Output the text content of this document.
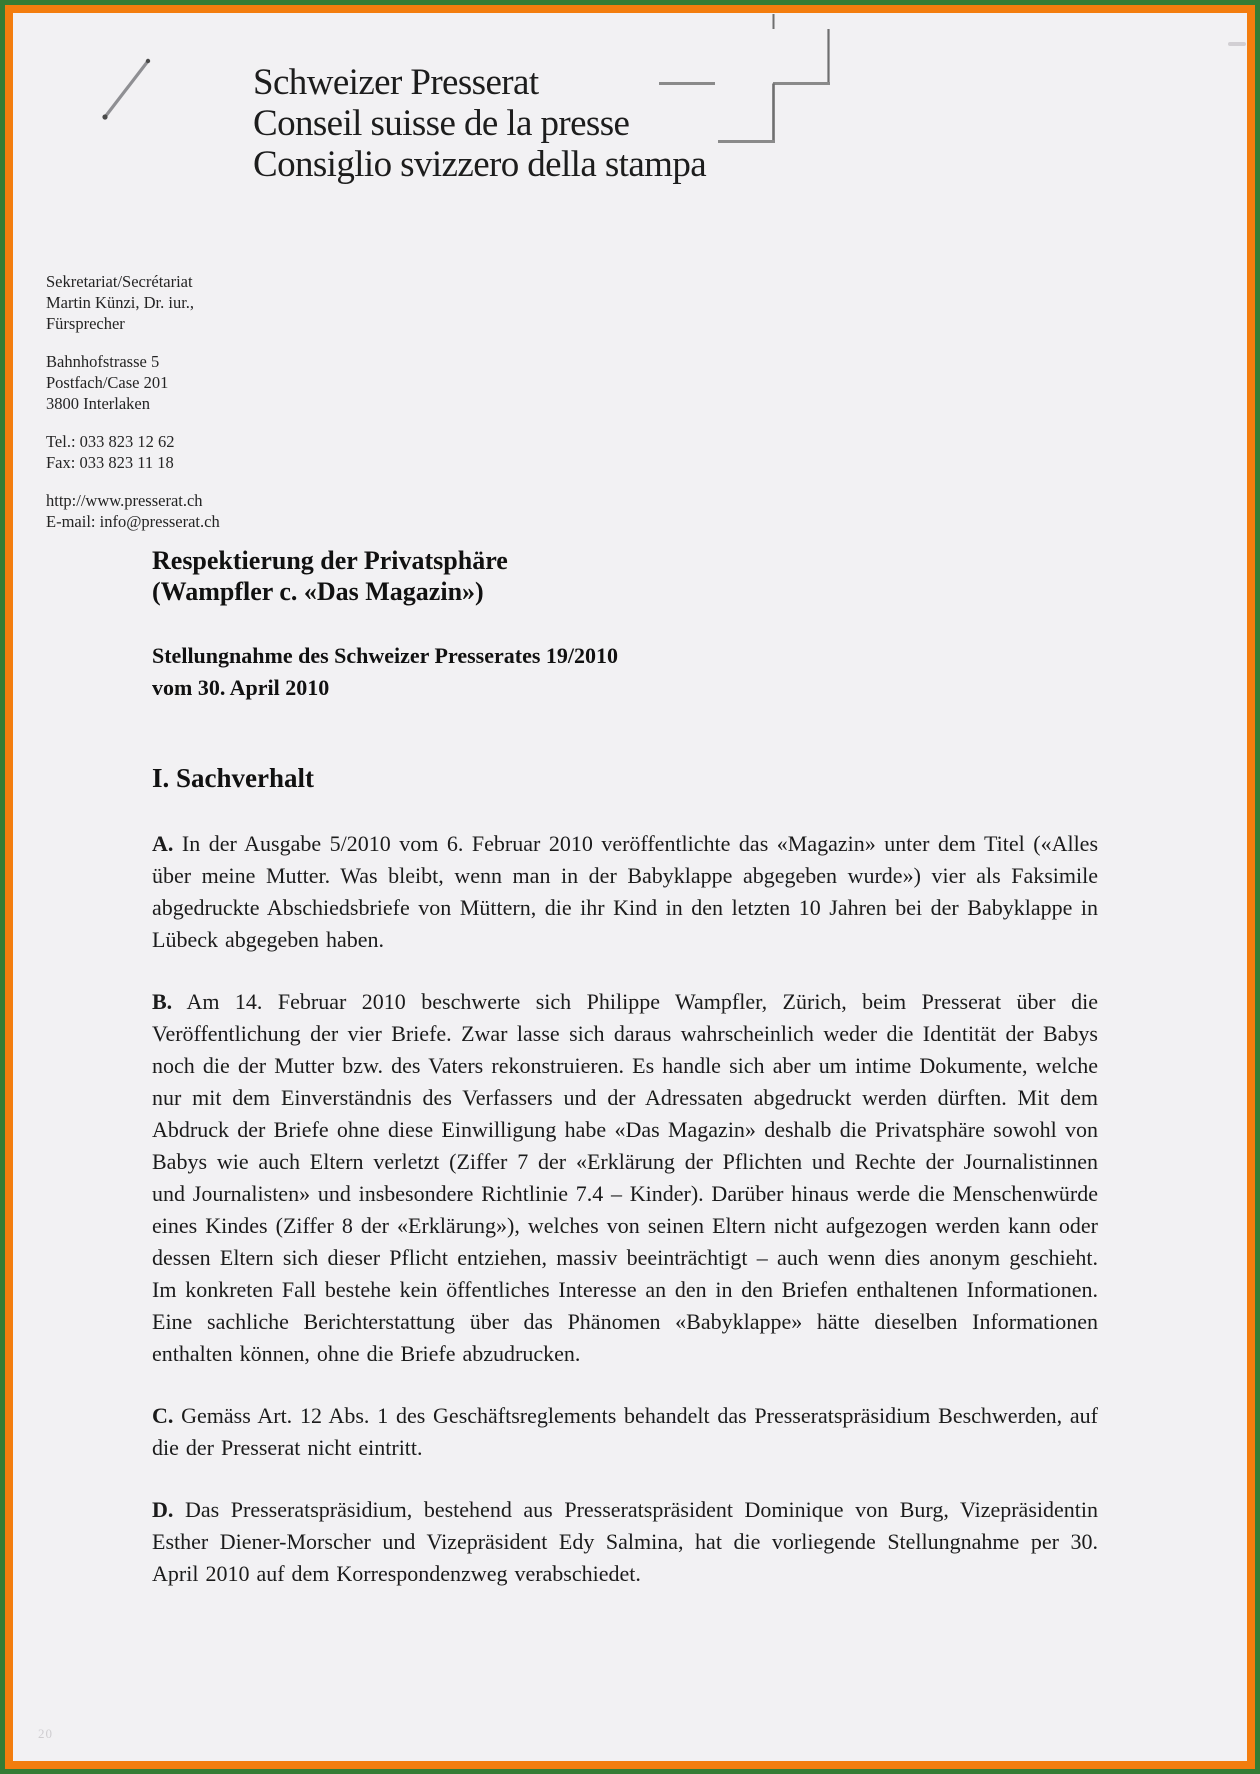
Schweizer Presserat
Conseil suisse de la presse
Consiglio svizzero della stampa
Sekretariat/Secrétariat
Martin Künzi, Dr. iur.,
Fürsprecher
Bahnhofstrasse 5
Postfach/Case 201
3800 Interlaken
Tel.: 033 823 12 62
Fax: 033 823 11 18
http://www.presserat.ch
E-mail: info@presserat.ch
Respektierung der Privatsphäre
(Wampfler c. «Das Magazin»)
Stellungnahme des Schweizer Presserates 19/2010
vom 30. April 2010
I. Sachverhalt

A. In der Ausgabe 5/2010 vom 6. Februar 2010 veröffentlichte das «Magazin» unter dem Titel («Alles über meine Mutter. Was bleibt, wenn man in der Babyklappe abgegeben wurde») vier als Faksimile abgedruckte Abschiedsbriefe von Müttern, die ihr Kind in den letzten 10 Jahren bei der Babyklappe in Lübeck abgegeben haben.

B. Am 14. Februar 2010 beschwerte sich Philippe Wampfler, Zürich, beim Presserat über die Veröffentlichung der vier Briefe. Zwar lasse sich daraus wahrscheinlich weder die Identität der Babys noch die der Mutter bzw. des Vaters rekonstruieren. Es handle sich aber um intime Dokumente, welche nur mit dem Einverständnis des Verfassers und der Adressaten abgedruckt werden dürften. Mit dem Abdruck der Briefe ohne diese Einwilligung habe «Das Magazin» deshalb die Privatsphäre sowohl von Babys wie auch Eltern verletzt (Ziffer 7 der «Erklärung der Pflichten und Rechte der Journalistinnen und Journalisten» und insbesondere Richtlinie 7.4 – Kinder). Darüber hinaus werde die Menschenwürde eines Kindes (Ziffer 8 der «Erklärung»), welches von seinen Eltern nicht aufgezogen werden kann oder dessen Eltern sich dieser Pflicht entziehen, massiv beeinträchtigt – auch wenn dies anonym geschieht. Im konkreten Fall bestehe kein öffentliches Interesse an den in den Briefen enthaltenen Informationen. Eine sachliche Berichterstattung über das Phänomen «Babyklappe» hätte dieselben Informationen enthalten können, ohne die Briefe abzudrucken.

C. Gemäss Art. 12 Abs. 1 des Geschäftsreglements behandelt das Presseratspräsidium Beschwerden, auf die der Presserat nicht eintritt.

D. Das Presseratspräsidium, bestehend aus Presseratspräsident Dominique von Burg, Vizepräsidentin Esther Diener-Morscher und Vizepräsident Edy Salmina, hat die vorliegende Stellungnahme per 30. April 2010 auf dem Korrespondenzweg verabschiedet.

20
